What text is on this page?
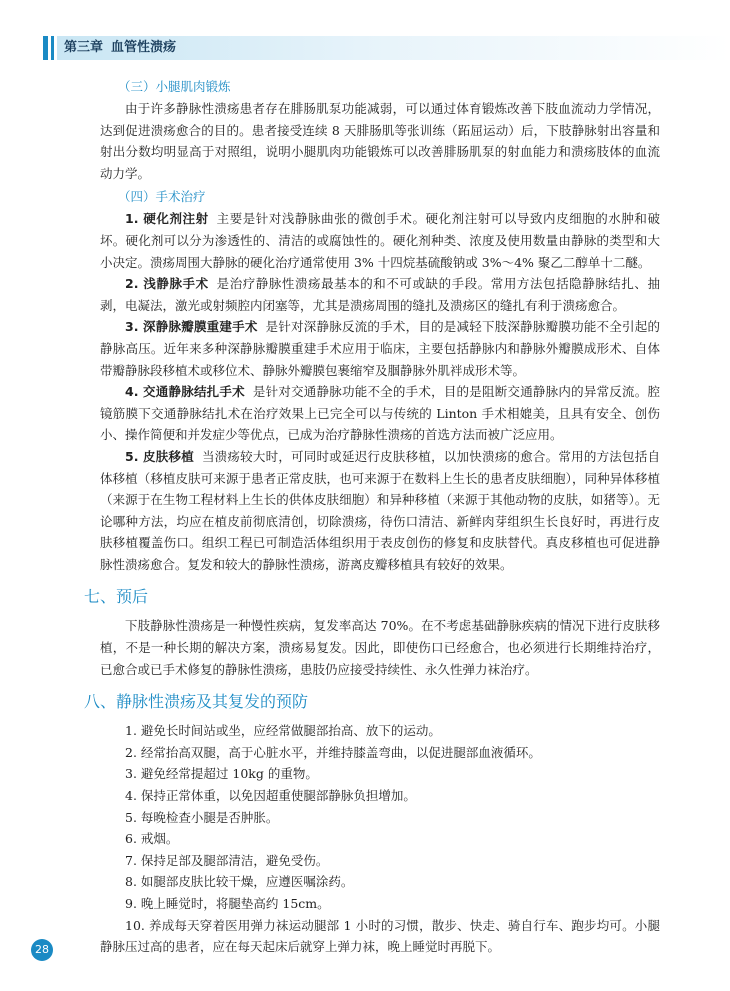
第三章 血管性溃疡
（三）小腿肌肉锻炼

由于许多静脉性溃疡患者存在腓肠肌泵功能减弱，可以通过体育锻炼改善下肢血流动力学情况，达到促进溃疡愈合的目的。患者接受连续 8 天腓肠肌等张训练（跖屈运动）后，下肢静脉射出容量和射出分数均明显高于对照组，说明小腿肌肉功能锻炼可以改善腓肠肌泵的射血能力和溃疡肢体的血流动力学。

（四）手术治疗

1. 硬化剂注射 主要是针对浅静脉曲张的微创手术。硬化剂注射可以导致内皮细胞的水肿和破坏。硬化剂可以分为渗透性的、清洁的或腐蚀性的。硬化剂种类、浓度及使用数量由静脉的类型和大小决定。溃疡周围大静脉的硬化治疗通常使用 3% 十四烷基硫酸钠或 3%～4% 聚乙二醇单十二醚。

2. 浅静脉手术 是治疗静脉性溃疡最基本的和不可或缺的手段。常用方法包括隐静脉结扎、抽剥，电凝法，激光或射频腔内闭塞等，尤其是溃疡周围的缝扎及溃疡区的缝扎有利于溃疡愈合。

3. 深静脉瓣膜重建手术 是针对深静脉反流的手术，目的是减轻下肢深静脉瓣膜功能不全引起的静脉高压。近年来多种深静脉瓣膜重建手术应用于临床，主要包括静脉内和静脉外瓣膜成形术、自体带瓣静脉段移植术或移位术、静脉外瓣膜包裹缩窄及腘静脉外肌袢成形术等。

4. 交通静脉结扎手术 是针对交通静脉功能不全的手术，目的是阻断交通静脉内的异常反流。腔镜筋膜下交通静脉结扎术在治疗效果上已完全可以与传统的 Linton 手术相媲美，且具有安全、创伤小、操作简便和并发症少等优点，已成为治疗静脉性溃疡的首选方法而被广泛应用。

5. 皮肤移植 当溃疡较大时，可同时或延迟行皮肤移植，以加快溃疡的愈合。常用的方法包括自体移植（移植皮肤可来源于患者正常皮肤，也可来源于在数料上生长的患者皮肤细胞），同种异体移植（来源于在生物工程材料上生长的供体皮肤细胞）和异种移植（来源于其他动物的皮肤，如猪等）。无论哪种方法，均应在植皮前彻底清创，切除溃疡，待伤口清洁、新鲜肉芽组织生长良好时，再进行皮肤移植覆盖伤口。组织工程已可制造活体组织用于表皮创伤的修复和皮肤替代。真皮移植也可促进静脉性溃疡愈合。复发和较大的静脉性溃疡，游离皮瓣移植具有较好的效果。

七、预后

下肢静脉性溃疡是一种慢性疾病，复发率高达 70%。在不考虑基础静脉疾病的情况下进行皮肤移植，不是一种长期的解决方案，溃疡易复发。因此，即使伤口已经愈合，也必须进行长期维持治疗，已愈合或已手术修复的静脉性溃疡，患肢仍应接受持续性、永久性弹力袜治疗。

八、静脉性溃疡及其复发的预防

1. 避免长时间站或坐，应经常做腿部抬高、放下的运动。

2. 经常抬高双腿，高于心脏水平，并维持膝盖弯曲，以促进腿部血液循环。

3. 避免经常提超过 10kg 的重物。

4. 保持正常体重，以免因超重使腿部静脉负担增加。

5. 每晚检查小腿是否肿胀。

6. 戒烟。

7. 保持足部及腿部清洁，避免受伤。

8. 如腿部皮肤比较干燥，应遵医嘱涂药。

9. 晚上睡觉时，将腿垫高约 15cm。

10. 养成每天穿着医用弹力袜运动腿部 1 小时的习惯，散步、快走、骑自行车、跑步均可。小腿静脉压过高的患者，应在每天起床后就穿上弹力袜，晚上睡觉时再脱下。

28
